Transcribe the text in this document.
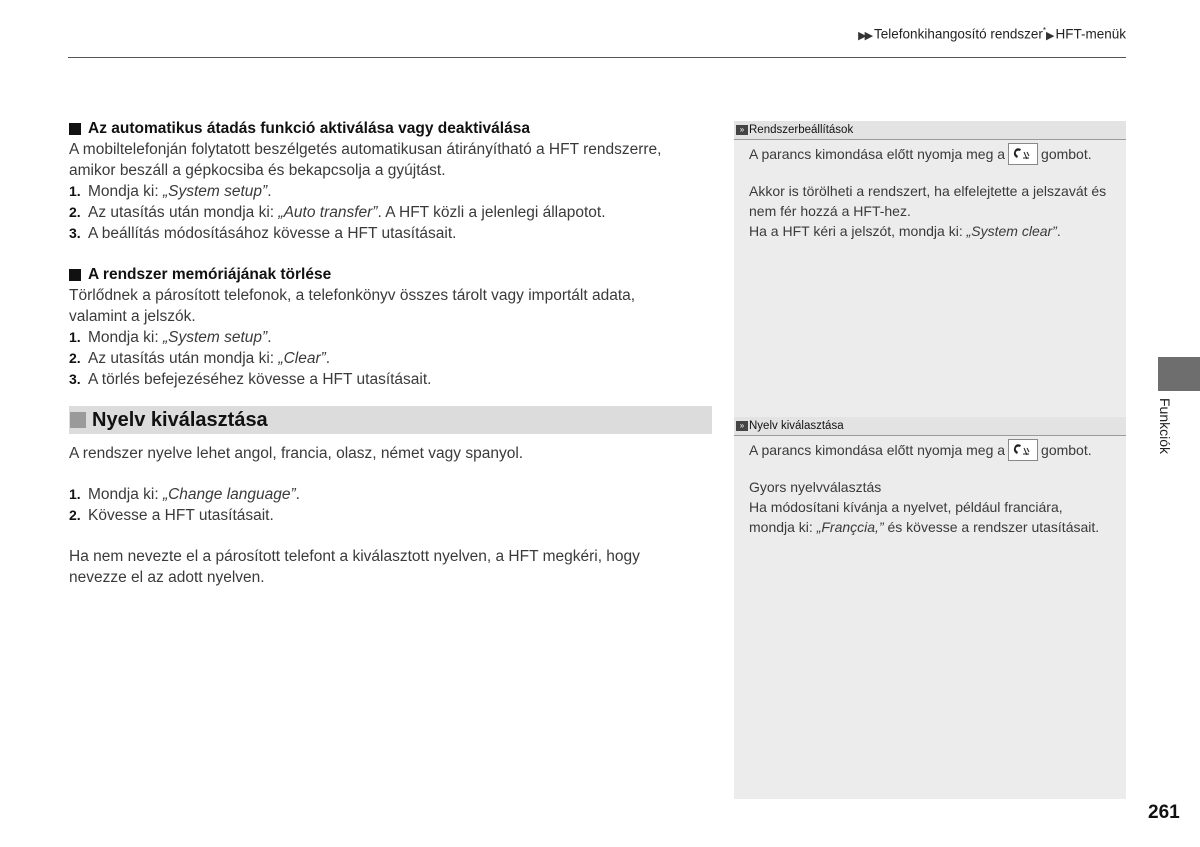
▶▶ Telefonkihangosító rendszer*▶ HFT-menük
Az automatikus átadás funkció aktiválása vagy deaktiválása

A mobiltelefonján folytatott beszélgetés automatikusan átirányítható a HFT rendszerre,

amikor beszáll a gépkocsiba és bekapcsolja a gyújtást.

1. Mondja ki: „System setup”.
2. Az utasítás után mondja ki: „Auto transfer”. A HFT közli a jelenlegi állapotot.
3. A beállítás módosításához kövesse a HFT utasításait.
A rendszer memóriájának törlése

Törlődnek a párosított telefonok, a telefonkönyv összes tárolt vagy importált adata,

valamint a jelszók.

1. Mondja ki: „System setup”.
2. Az utasítás után mondja ki: „Clear”.
3. A törlés befejezéséhez kövesse a HFT utasításait.
Nyelv kiválasztása

A rendszer nyelve lehet angol, francia, olasz, német vagy spanyol.

1. Mondja ki: „Change language”.
2. Kövesse a HFT utasításait.

Ha nem nevezte el a párosított telefont a kiválasztott nyelven, a HFT megkéri, hogy

nevezze el az adott nyelven.

» Rendszerbeállítások

A parancs kimondása előtt nyomja meg a	gombot.

Akkor is törölheti a rendszert, ha elfelejtette a jelszavát és

nem fér hozzá a HFT-hez.

Ha a HFT kéri a jelszót, mondja ki: „System clear”.

» Nyelv kiválasztása

A parancs kimondása előtt nyomja meg a	gombot.

Gyors nyelvválasztás

Ha módosítani kívánja a nyelvet, például franciára,

mondja ki: „Françcia,” és kövesse a rendszer utasításait.

Funkciók
261
